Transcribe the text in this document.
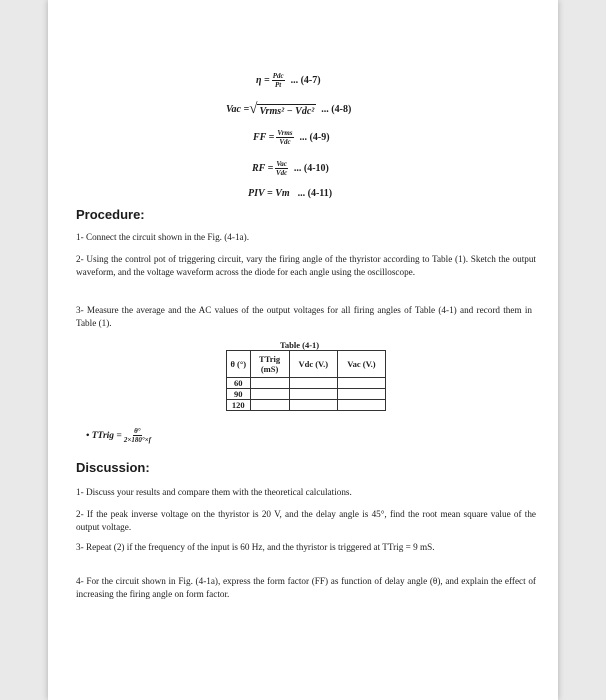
$\eta = \frac{\text{Pdc}}{Pt}$ ... (4-7)
Vac = √ Vrms² − Vdc² ... (4-8)
FF = $\frac{\text{Vrms}}{\text{Vdc}}$ ... (4-9)
RF = $\frac{\text{Vac}}{\text{Vdc}}$ ... (4-10)
PIV = Vm ... (4-11)
Procedure:
1- Connect the circuit shown in the Fig. (4-1a).
2- Using the control pot of triggering circuit, vary the firing angle of the thyristor according to Table (1). Sketch the output waveform, and the voltage waveform across the diode for each angle using the oscilloscope.
3- Measure the average and the AC values of the output voltages for all firing angles of Table (4-1) and record them in Table (1).
Table (4-1)
θ (°)	TTrig (mS)	Vdc (V.)	Vac (V.)
60			
90			
120			
• TTrig = $\frac{\theta^\circ}{2\times 180^\circ\times f}$
Discussion:
1- Discuss your results and compare them with the theoretical calculations.
2- If the peak inverse voltage on the thyristor is 20 V, and the delay angle is 45°, find the root mean square value of the output voltage.
3- Repeat (2) if the frequency of the input is 60 Hz, and the thyristor is triggered at TTrig = 9 mS.
4- For the circuit shown in Fig. (4-1a), express the form factor (FF) as function of delay angle (θ), and explain the effect of increasing the firing angle on form factor.
